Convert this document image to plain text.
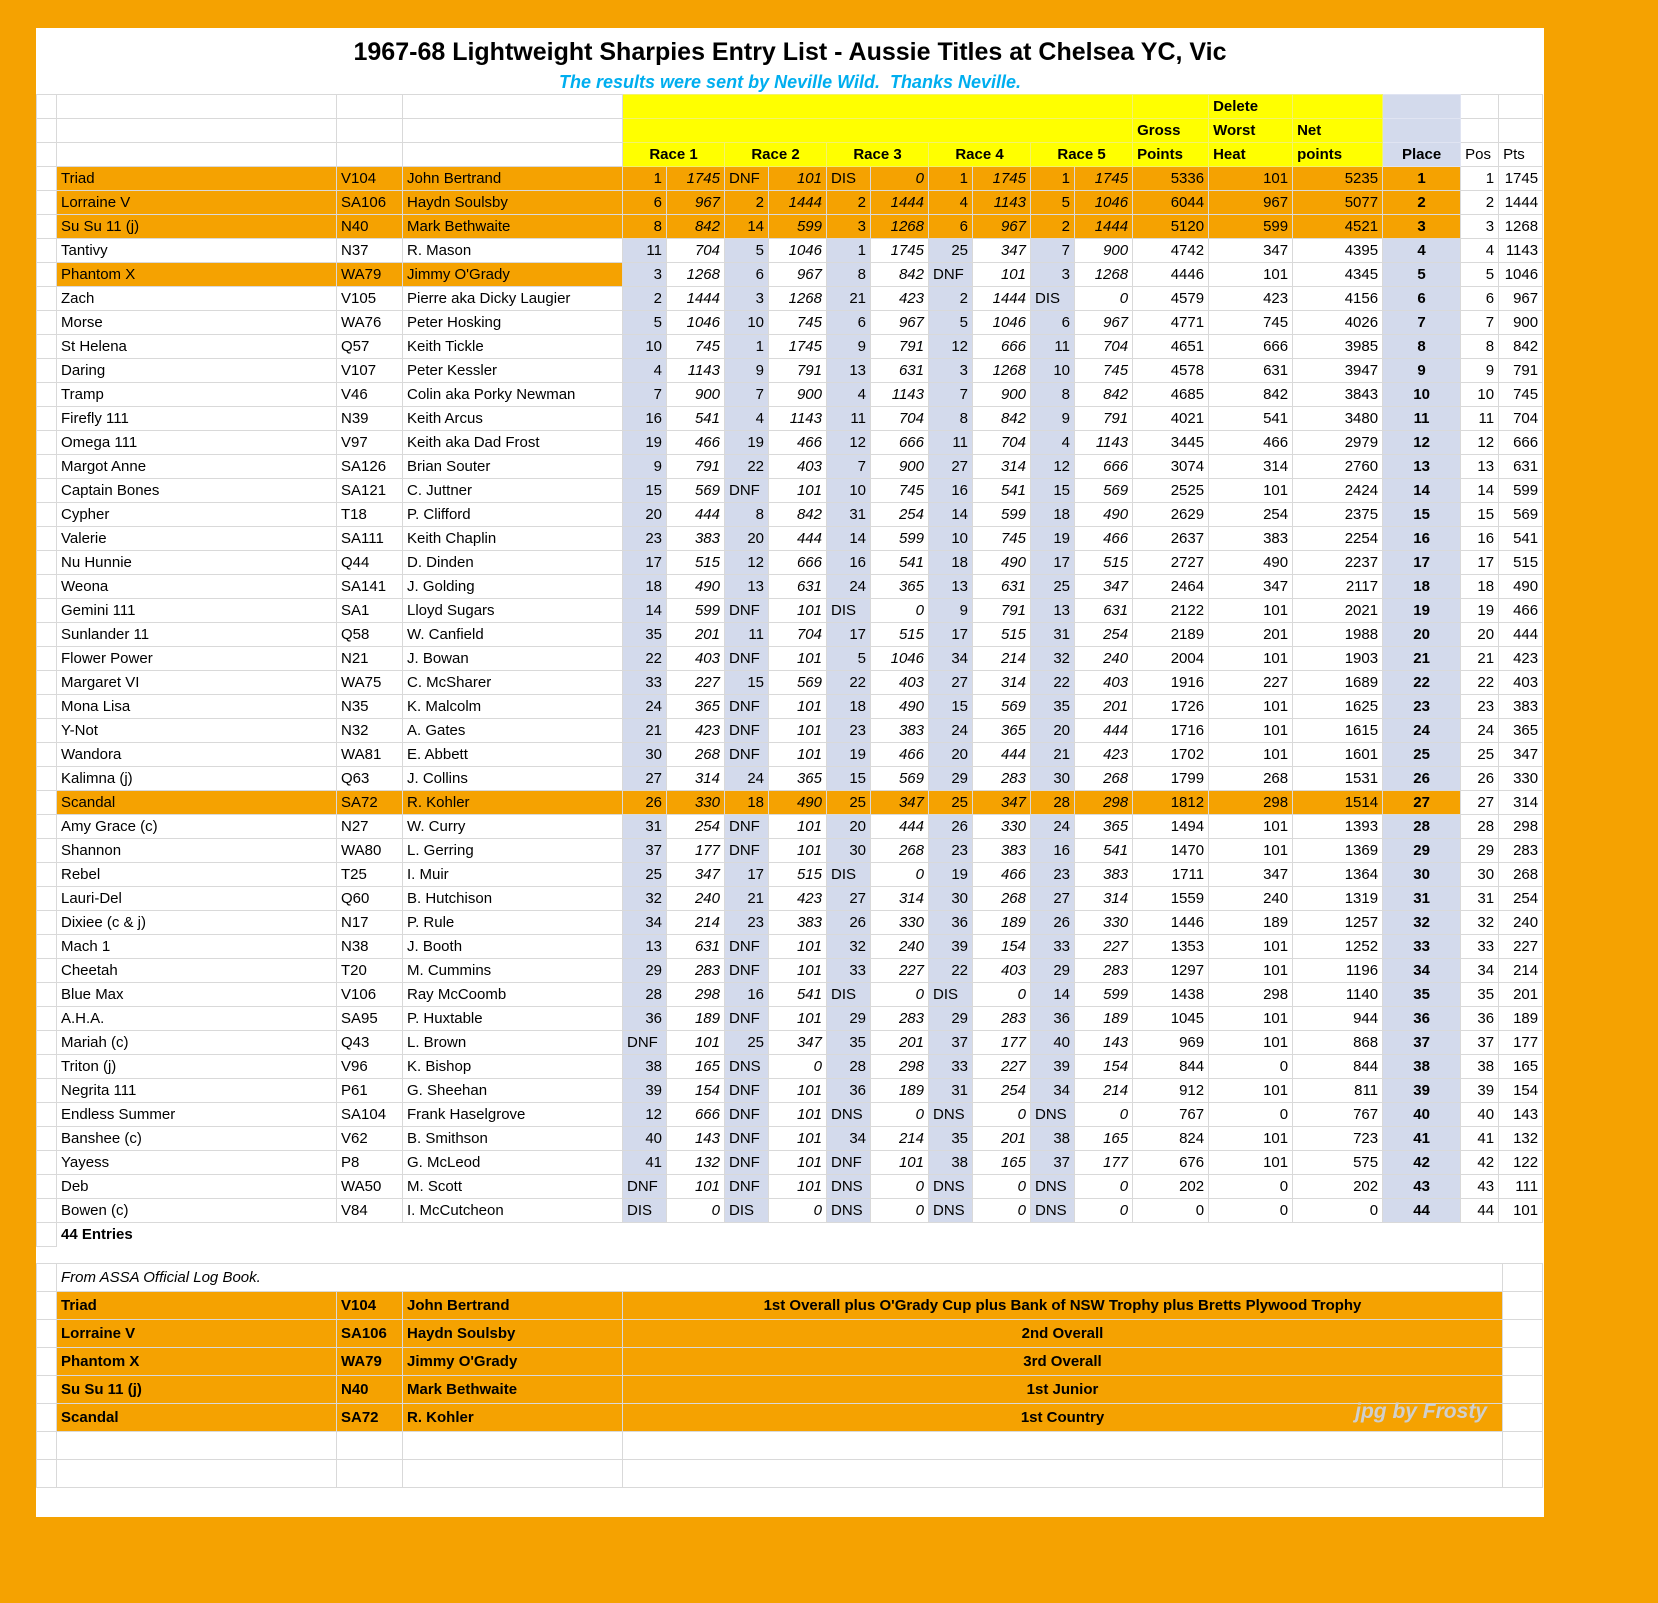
1967-68 Lightweight Sharpies Entry List - Aussie Titles at Chelsea YC, Vic
The results were sent by Neville Wild.  Thanks Neville.
															Delete				
														Gross	Worst	Net			
				Race 1		Race 2		Race 3		Race 4		Race 5		Points	Heat	points	Place	Pos	Pts
	Triad	V104	John Bertrand	1	1745	DNF	101	DIS	0	1	1745	1	1745	5336	101	5235	1	1	1745
	Lorraine V	SA106	Haydn Soulsby	6	967	2	1444	2	1444	4	1143	5	1046	6044	967	5077	2	2	1444
	Su Su 11 (j)	N40	Mark Bethwaite	8	842	14	599	3	1268	6	967	2	1444	5120	599	4521	3	3	1268
	Tantivy	N37	R. Mason	11	704	5	1046	1	1745	25	347	7	900	4742	347	4395	4	4	1143
	Phantom X	WA79	Jimmy O'Grady	3	1268	6	967	8	842	DNF	101	3	1268	4446	101	4345	5	5	1046
	Zach	V105	Pierre aka Dicky Laugier	2	1444	3	1268	21	423	2	1444	DIS	0	4579	423	4156	6	6	967
	Morse	WA76	Peter Hosking	5	1046	10	745	6	967	5	1046	6	967	4771	745	4026	7	7	900
	St Helena	Q57	Keith Tickle	10	745	1	1745	9	791	12	666	11	704	4651	666	3985	8	8	842
	Daring	V107	Peter Kessler	4	1143	9	791	13	631	3	1268	10	745	4578	631	3947	9	9	791
	Tramp	V46	Colin aka Porky Newman	7	900	7	900	4	1143	7	900	8	842	4685	842	3843	10	10	745
	Firefly 111	N39	Keith Arcus	16	541	4	1143	11	704	8	842	9	791	4021	541	3480	11	11	704
	Omega 111	V97	Keith aka Dad Frost	19	466	19	466	12	666	11	704	4	1143	3445	466	2979	12	12	666
	Margot Anne	SA126	Brian Souter	9	791	22	403	7	900	27	314	12	666	3074	314	2760	13	13	631
	Captain Bones	SA121	C. Juttner	15	569	DNF	101	10	745	16	541	15	569	2525	101	2424	14	14	599
	Cypher	T18	P. Clifford	20	444	8	842	31	254	14	599	18	490	2629	254	2375	15	15	569
	Valerie	SA111	Keith Chaplin	23	383	20	444	14	599	10	745	19	466	2637	383	2254	16	16	541
	Nu Hunnie	Q44	D. Dinden	17	515	12	666	16	541	18	490	17	515	2727	490	2237	17	17	515
	Weona	SA141	J. Golding	18	490	13	631	24	365	13	631	25	347	2464	347	2117	18	18	490
	Gemini 111	SA1	Lloyd Sugars	14	599	DNF	101	DIS	0	9	791	13	631	2122	101	2021	19	19	466
	Sunlander 11	Q58	W. Canfield	35	201	11	704	17	515	17	515	31	254	2189	201	1988	20	20	444
	Flower Power	N21	J. Bowan	22	403	DNF	101	5	1046	34	214	32	240	2004	101	1903	21	21	423
	Margaret VI	WA75	C. McSharer	33	227	15	569	22	403	27	314	22	403	1916	227	1689	22	22	403
	Mona Lisa	N35	K. Malcolm	24	365	DNF	101	18	490	15	569	35	201	1726	101	1625	23	23	383
	Y-Not	N32	A. Gates	21	423	DNF	101	23	383	24	365	20	444	1716	101	1615	24	24	365
	Wandora	WA81	E. Abbett	30	268	DNF	101	19	466	20	444	21	423	1702	101	1601	25	25	347
	Kalimna (j)	Q63	J. Collins	27	314	24	365	15	569	29	283	30	268	1799	268	1531	26	26	330
	Scandal	SA72	R. Kohler	26	330	18	490	25	347	25	347	28	298	1812	298	1514	27	27	314
	Amy Grace (c)	N27	W. Curry	31	254	DNF	101	20	444	26	330	24	365	1494	101	1393	28	28	298
	Shannon	WA80	L. Gerring	37	177	DNF	101	30	268	23	383	16	541	1470	101	1369	29	29	283
	Rebel	T25	I. Muir	25	347	17	515	DIS	0	19	466	23	383	1711	347	1364	30	30	268
	Lauri-Del	Q60	B. Hutchison	32	240	21	423	27	314	30	268	27	314	1559	240	1319	31	31	254
	Dixiee (c & j)	N17	P. Rule	34	214	23	383	26	330	36	189	26	330	1446	189	1257	32	32	240
	Mach 1	N38	J. Booth	13	631	DNF	101	32	240	39	154	33	227	1353	101	1252	33	33	227
	Cheetah	T20	M. Cummins	29	283	DNF	101	33	227	22	403	29	283	1297	101	1196	34	34	214
	Blue Max	V106	Ray McCoomb	28	298	16	541	DIS	0	DIS	0	14	599	1438	298	1140	35	35	201
	A.H.A.	SA95	P. Huxtable	36	189	DNF	101	29	283	29	283	36	189	1045	101	944	36	36	189
	Mariah (c)	Q43	L. Brown	DNF	101	25	347	35	201	37	177	40	143	969	101	868	37	37	177
	Triton (j)	V96	K. Bishop	38	165	DNS	0	28	298	33	227	39	154	844	0	844	38	38	165
	Negrita 111	P61	G. Sheehan	39	154	DNF	101	36	189	31	254	34	214	912	101	811	39	39	154
	Endless Summer	SA104	Frank Haselgrove	12	666	DNF	101	DNS	0	DNS	0	DNS	0	767	0	767	40	40	143
	Banshee (c)	V62	B. Smithson	40	143	DNF	101	34	214	35	201	38	165	824	101	723	41	41	132
	Yayess	P8	G. McLeod	41	132	DNF	101	DNF	101	38	165	37	177	676	101	575	42	42	122
	Deb	WA50	M. Scott	DNF	101	DNF	101	DNS	0	DNS	0	DNS	0	202	0	202	43	43	111
	Bowen (c)	V84	I. McCutcheon	DIS	0	DIS	0	DNS	0	DNS	0	DNS	0	0	0	0	44	44	101
	44 Entries																		
	From ASSA Official Log Book.				
	Triad	V104	John Bertrand	1st Overall plus O'Grady Cup plus Bank of NSW Trophy plus Bretts Plywood Trophy	
	Lorraine V	SA106	Haydn Soulsby	2nd Overall	
	Phantom X	WA79	Jimmy O'Grady	3rd Overall	
	Su Su 11 (j)	N40	Mark Bethwaite	1st Junior	
	Scandal	SA72	R. Kohler	1st Country	

						jpg by Frosty
